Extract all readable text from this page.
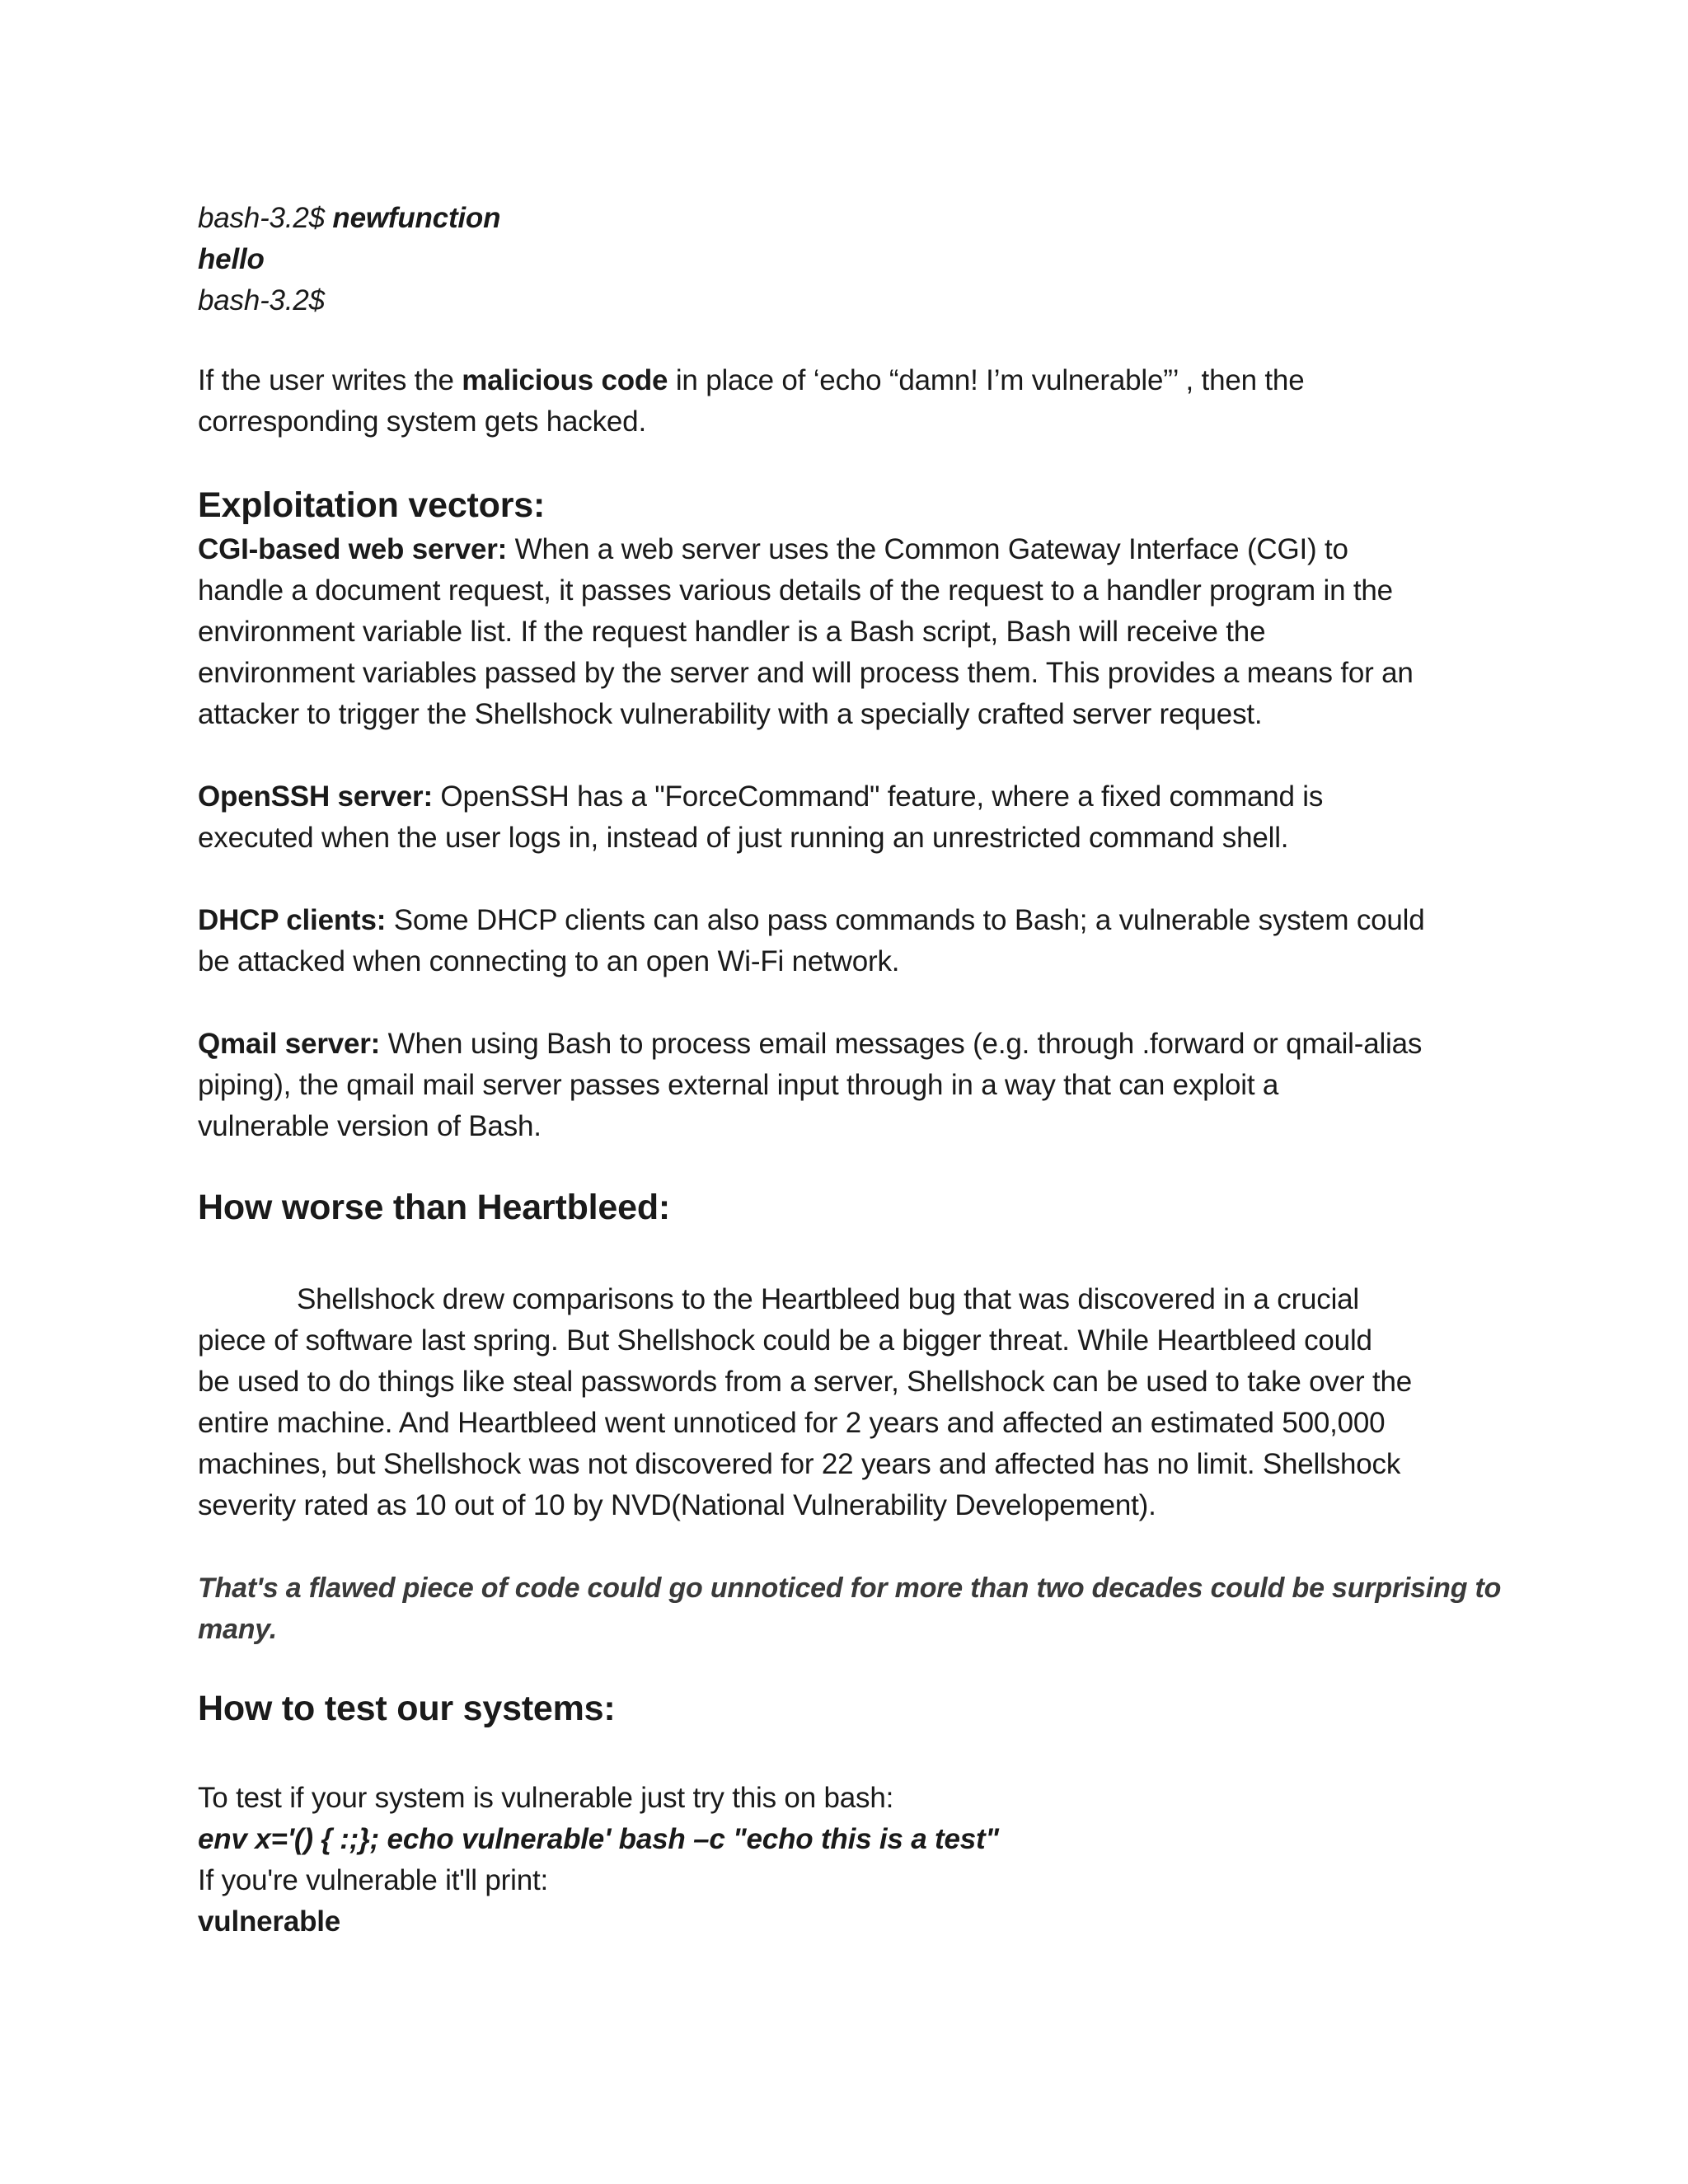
bash-3.2$ newfunction
hello
bash-3.2$
If the user writes the malicious code in place of ‘echo “damn! I’m vulnerable”’ , then the
corresponding system gets hacked.
Exploitation vectors:
CGI-based web server: When a web server uses the Common Gateway Interface (CGI) to
handle a document request, it passes various details of the request to a handler program in the
environment variable list. If the request handler is a Bash script, Bash will receive the
environment variables passed by the server and will process them. This provides a means for an
attacker to trigger the Shellshock vulnerability with a specially crafted server request.
OpenSSH server: OpenSSH has a "ForceCommand" feature, where a fixed command is
executed when the user logs in, instead of just running an unrestricted command shell.
DHCP clients: Some DHCP clients can also pass commands to Bash; a vulnerable system could
be attacked when connecting to an open Wi-Fi network.
Qmail server: When using Bash to process email messages (e.g. through .forward or qmail-alias
piping), the qmail mail server passes external input through in a way that can exploit a
vulnerable version of Bash.
How worse than Heartbleed:
Shellshock drew comparisons to the Heartbleed bug that was discovered in a crucial
piece of software last spring. But Shellshock could be a bigger threat. While Heartbleed could
be used to do things like steal passwords from a server, Shellshock can be used to take over the
entire machine. And Heartbleed went unnoticed for 2 years and affected an estimated 500,000
machines, but Shellshock was not discovered for 22 years and affected has no limit. Shellshock
severity rated as 10 out of 10 by NVD(National Vulnerability Developement).
That's a flawed piece of code could go unnoticed for more than two decades could be surprising to
many.
How to test our systems:
To test if your system is vulnerable just try this on bash:
env x='() { :;}; echo vulnerable' bash –c "echo this is a test"
If you're vulnerable it'll print:
vulnerable
